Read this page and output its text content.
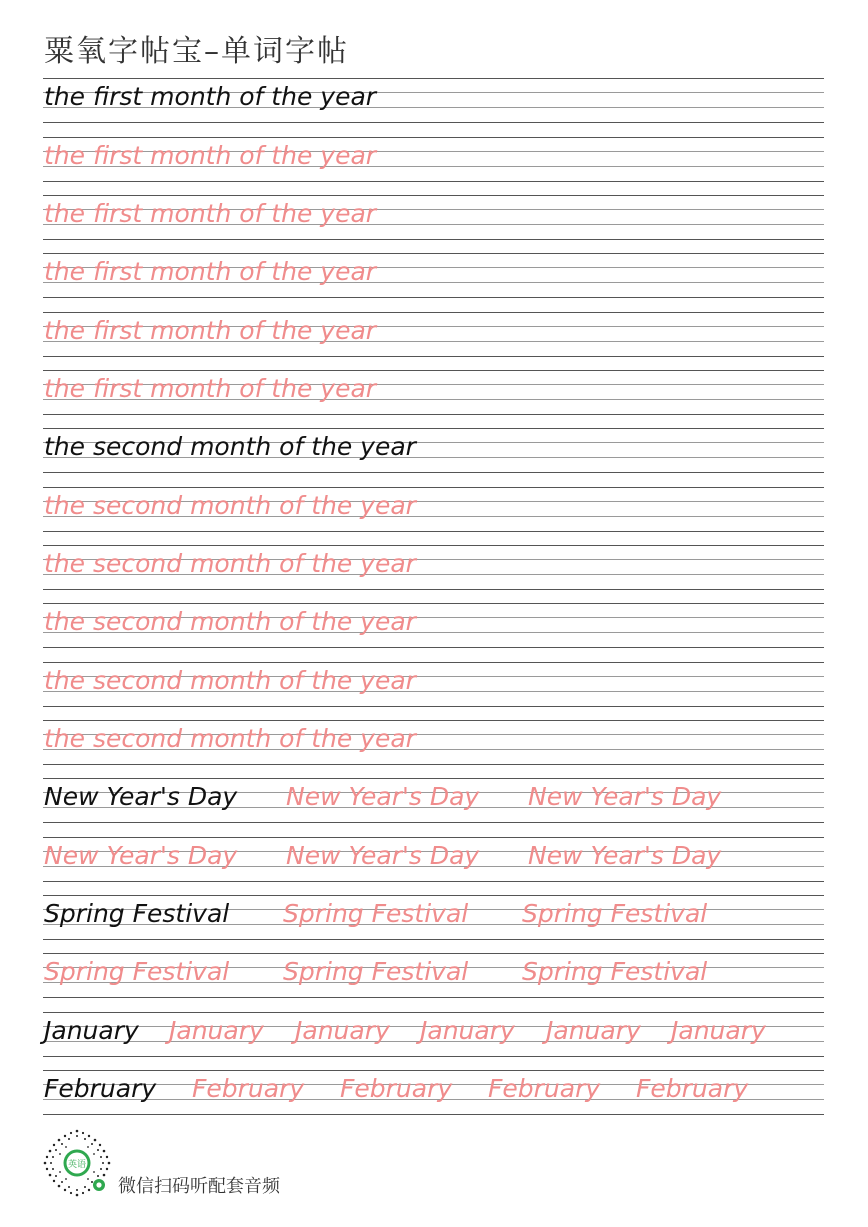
粟氧字帖宝–单词字帖
the first month of the year
the first month of the year
the first month of the year
the first month of the year
the first month of the year
the first month of the year
the second month of the year
the second month of the year
the second month of the year
the second month of the year
the second month of the year
the second month of the year
New Year's Day New Year's Day New Year's Day
New Year's Day New Year's Day New Year's Day
Spring Festival Spring Festival Spring Festival
Spring Festival Spring Festival Spring Festival
January January January January January January
February February February February February
英语
微信扫码听配套音频
